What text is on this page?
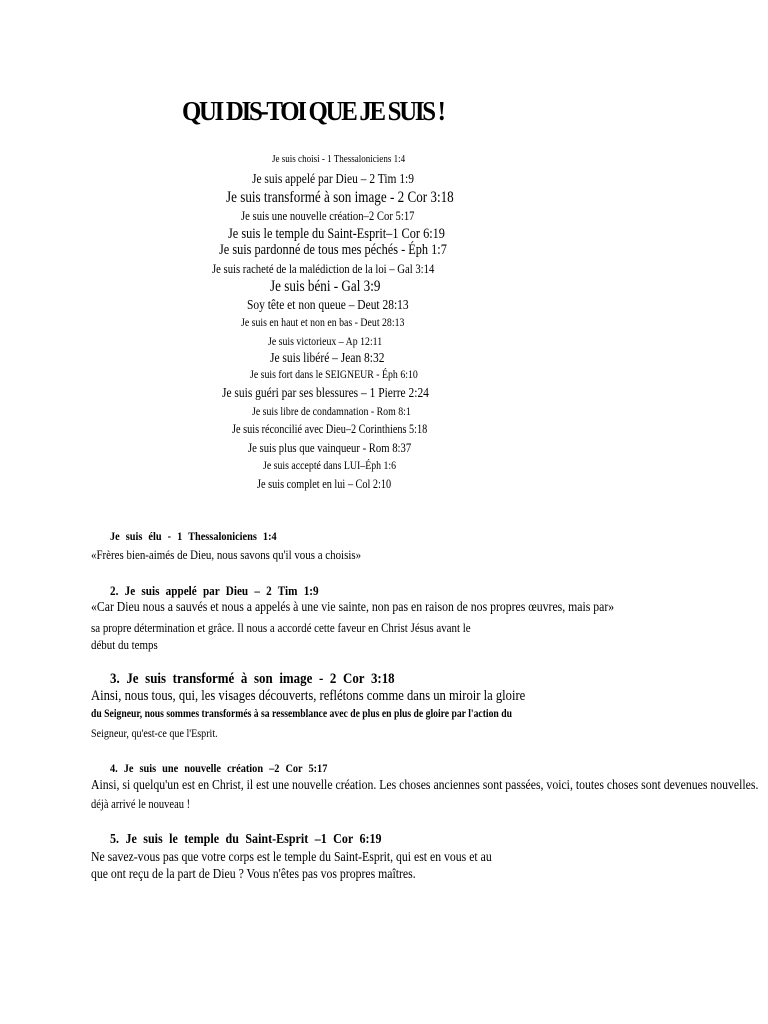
QUI DIS-TOI QUE JE SUIS !
Je suis choisi - 1 Thessaloniciens 1:4
Je suis appelé par Dieu – 2 Tim 1:9
Je suis transformé à son image - 2 Cor 3:18
Je suis une nouvelle création–2 Cor 5:17
Je suis le temple du Saint-Esprit–1 Cor 6:19
Je suis pardonné de tous mes péchés - Éph 1:7
Je suis racheté de la malédiction de la loi – Gal 3:14
Je suis béni - Gal 3:9
Soy tête et non queue – Deut 28:13
Je suis en haut et non en bas - Deut 28:13
Je suis victorieux – Ap 12:11
Je suis libéré – Jean 8:32
Je suis fort dans le SEIGNEUR - Éph 6:10
Je suis guéri par ses blessures – 1 Pierre 2:24
Je suis libre de condamnation - Rom 8:1
Je suis réconcilié avec Dieu–2 Corinthiens 5:18
Je suis plus que vainqueur - Rom 8:37
Je suis accepté dans LUI–Éph 1:6
Je suis complet en lui – Col 2:10
Je suis élu - 1 Thessaloniciens 1:4
«Frères bien-aimés de Dieu, nous savons qu'il vous a choisis»
2. Je suis appelé par Dieu – 2 Tim 1:9
«Car Dieu nous a sauvés et nous a appelés à une vie sainte, non pas en raison de nos propres œuvres, mais par»
sa propre détermination et grâce. Il nous a accordé cette faveur en Christ Jésus avant le
début du temps
3. Je suis transformé à son image - 2 Cor 3:18
Ainsi, nous tous, qui, les visages découverts, reflétons comme dans un miroir la gloire
du Seigneur, nous sommes transformés à sa ressemblance avec de plus en plus de gloire par l'action du
Seigneur, qu'est-ce que l'Esprit.
4. Je suis une nouvelle création –2 Cor 5:17
Ainsi, si quelqu'un est en Christ, il est une nouvelle création. Les choses anciennes sont passées, voici, toutes choses sont devenues nouvelles.
déjà arrivé le nouveau !
5. Je suis le temple du Saint-Esprit –1 Cor 6:19
Ne savez-vous pas que votre corps est le temple du Saint-Esprit, qui est en vous et au
que ont reçu de la part de Dieu ? Vous n'êtes pas vos propres maîtres.
